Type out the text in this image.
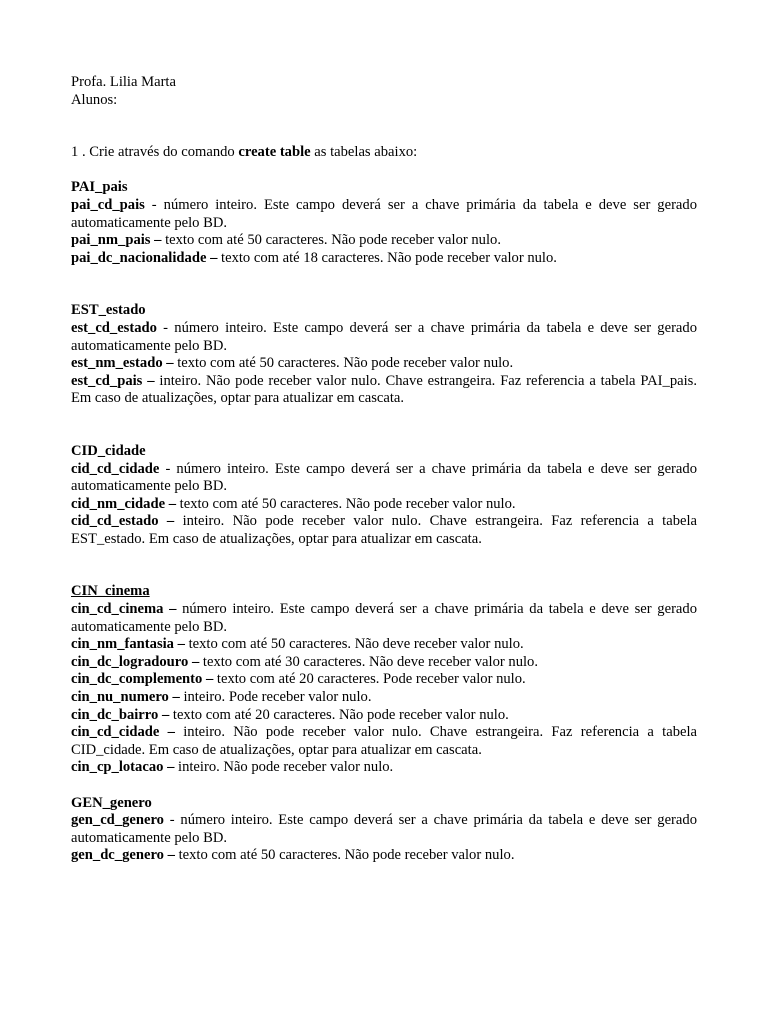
Profa. Lilia Marta

Alunos:

1 . Crie através do comando create table as tabelas abaixo:

PAI_pais

pai_cd_pais - número inteiro. Este campo deverá ser a chave primária da tabela e deve ser gerado automaticamente pelo BD.

pai_nm_pais – texto com até 50 caracteres. Não pode receber valor nulo.

pai_dc_nacionalidade – texto com até 18 caracteres. Não pode receber valor nulo.

EST_estado

est_cd_estado - número inteiro. Este campo deverá ser a chave primária da tabela e deve ser gerado automaticamente pelo BD.

est_nm_estado – texto com até 50 caracteres. Não pode receber valor nulo.

est_cd_pais – inteiro. Não pode receber valor nulo. Chave estrangeira. Faz referencia a tabela PAI_pais. Em caso de atualizações, optar para atualizar em cascata.

CID_cidade

cid_cd_cidade - número inteiro. Este campo deverá ser a chave primária da tabela e deve ser gerado automaticamente pelo BD.

cid_nm_cidade – texto com até 50 caracteres. Não pode receber valor nulo.

cid_cd_estado – inteiro. Não pode receber valor nulo. Chave estrangeira. Faz referencia a tabela EST_estado. Em caso de atualizações, optar para atualizar em cascata.

CIN_cinema

cin_cd_cinema – número inteiro. Este campo deverá ser a chave primária da tabela e deve ser gerado automaticamente pelo BD.

cin_nm_fantasia – texto com até 50 caracteres. Não deve receber valor nulo.

cin_dc_logradouro – texto com até 30 caracteres. Não deve receber valor nulo.

cin_dc_complemento – texto com até 20 caracteres. Pode receber valor nulo.

cin_nu_numero – inteiro. Pode receber valor nulo.

cin_dc_bairro – texto com até 20 caracteres. Não pode receber valor nulo.

cin_cd_cidade – inteiro. Não pode receber valor nulo. Chave estrangeira. Faz referencia a tabela CID_cidade. Em caso de atualizações, optar para atualizar em cascata.

cin_cp_lotacao – inteiro. Não pode receber valor nulo.

GEN_genero

gen_cd_genero - número inteiro. Este campo deverá ser a chave primária da tabela e deve ser gerado automaticamente pelo BD.

gen_dc_genero – texto com até 50 caracteres. Não pode receber valor nulo.
